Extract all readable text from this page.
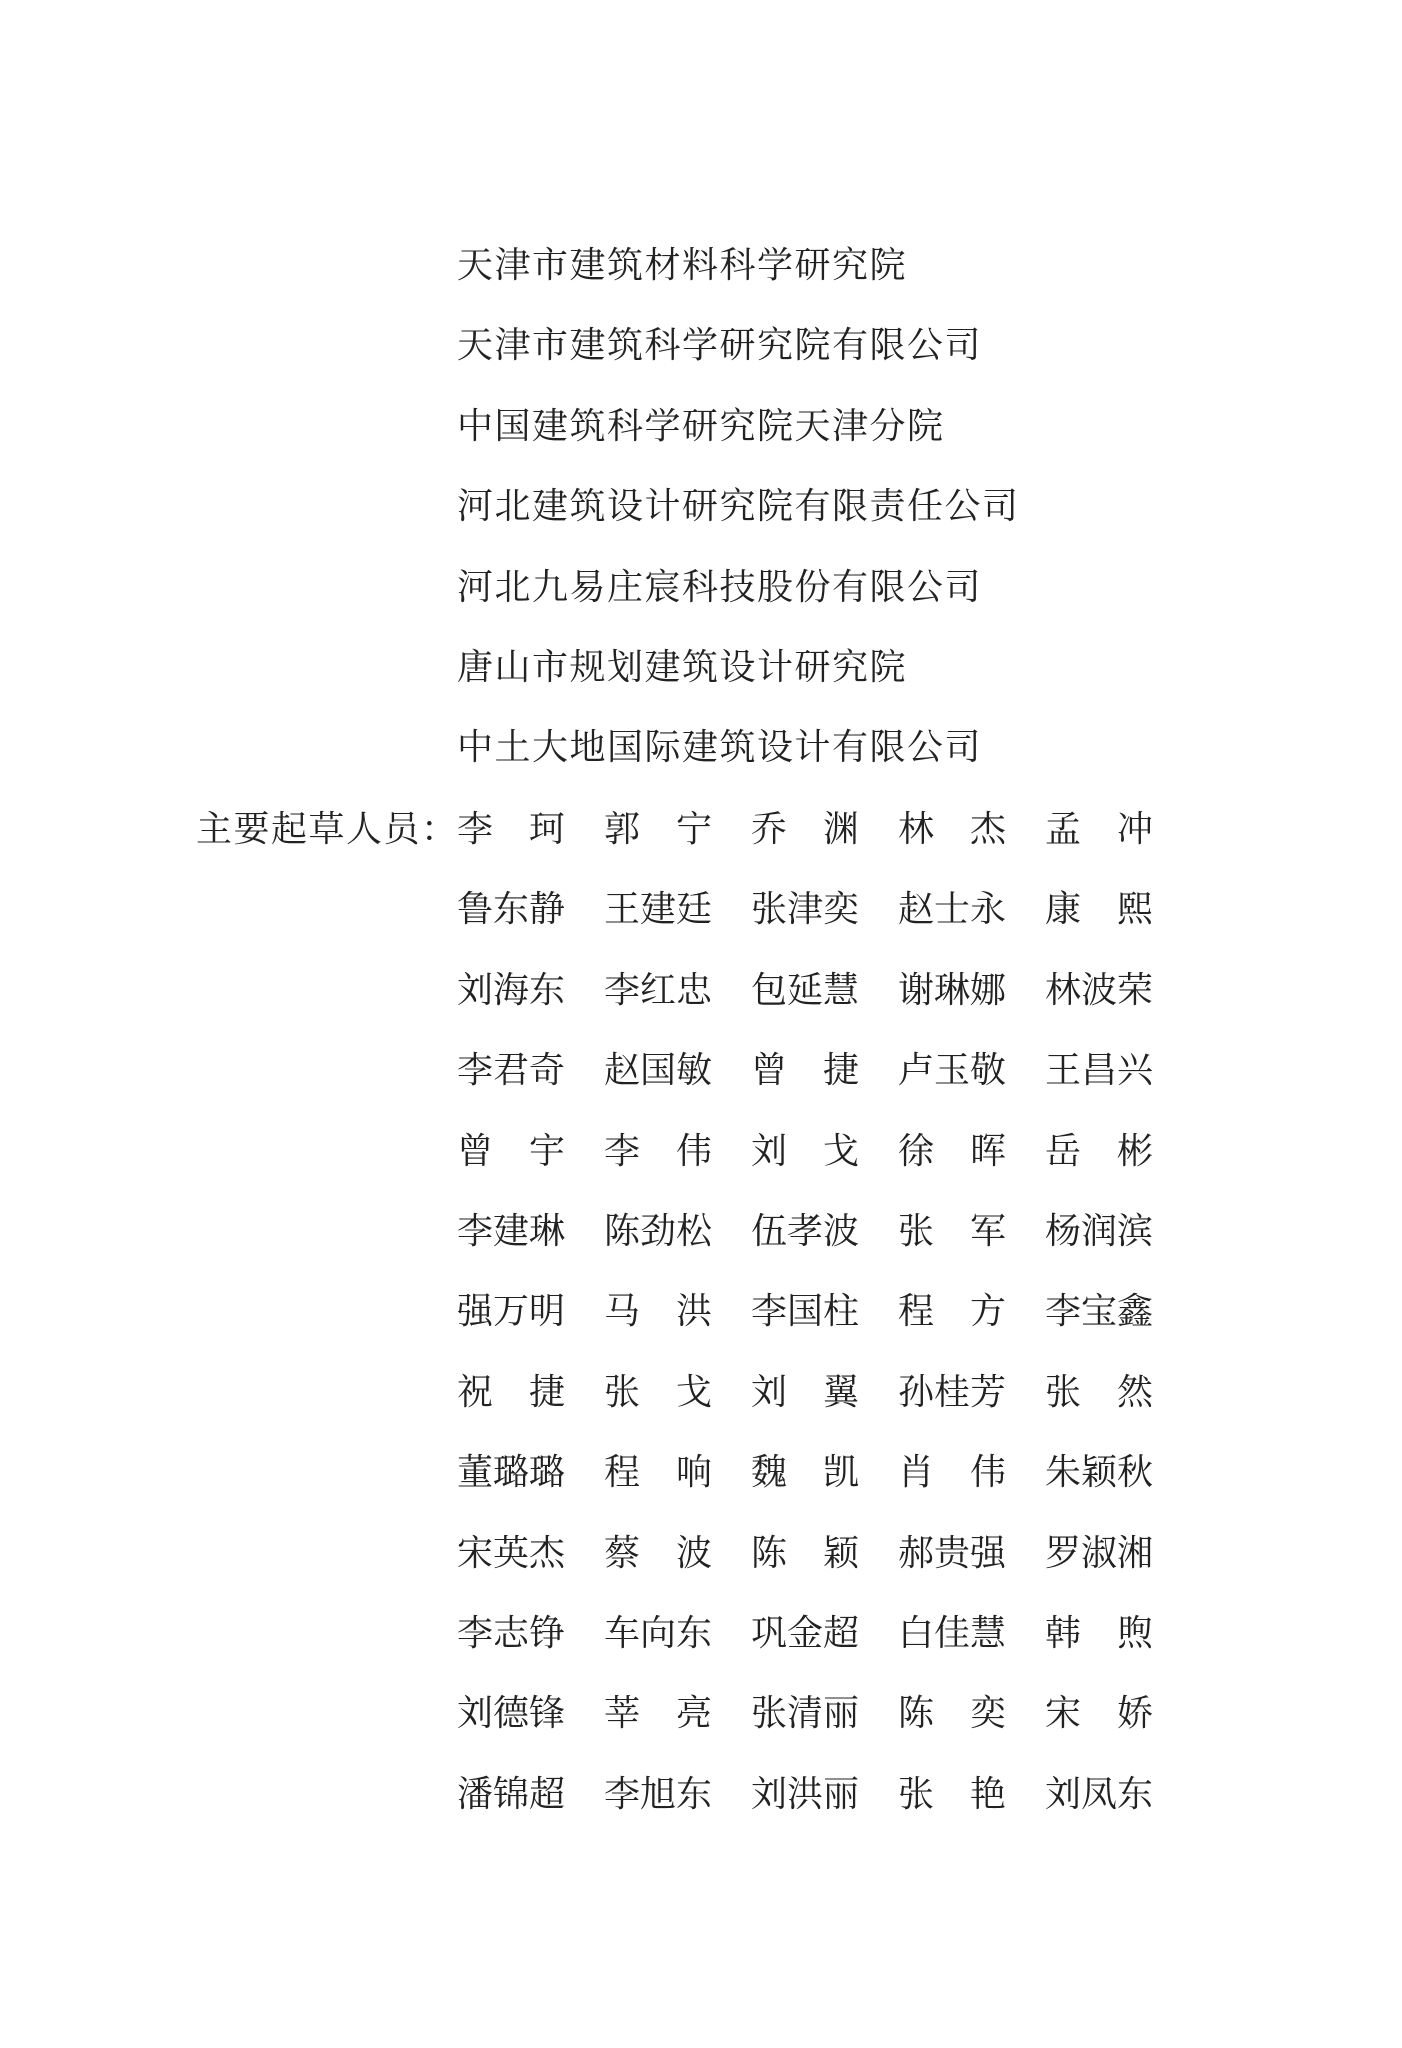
天津市建筑材料科学研究院
天津市建筑科学研究院有限公司
中国建筑科学研究院天津分院
河北建筑设计研究院有限责任公司
河北九易庄宸科技股份有限公司
唐山市规划建筑设计研究院
中土大地国际建筑设计有限公司
主要起草人员：
李 珂 郭 宁 乔 渊 林 杰 孟 冲
鲁 东 静 王 建 廷 张 津 奕 赵 士 永 康 熙
刘 海 东 李 红 忠 包 延 慧 谢 琳 娜 林 波 荣
李 君 奇 赵 国 敏 曾 捷 卢 玉 敬 王 昌 兴
曾 宇 李 伟 刘 戈 徐 晖 岳 彬
李 建 琳 陈 劲 松 伍 孝 波 张 军 杨 润 滨
强 万 明 马 洪 李 国 柱 程 方 李 宝 鑫
祝 捷 张 戈 刘 翼 孙 桂 芳 张 然
董 璐 璐 程 响 魏 凯 肖 伟 朱 颖 秋
宋 英 杰 蔡 波 陈 颖 郝 贵 强 罗 淑 湘
李 志 铮 车 向 东 巩 金 超 白 佳 慧 韩 煦
刘 德 锋 莘 亮 张 清 丽 陈 奕 宋 娇
潘 锦 超 李 旭 东 刘 洪 丽 张 艳 刘 凤 东
